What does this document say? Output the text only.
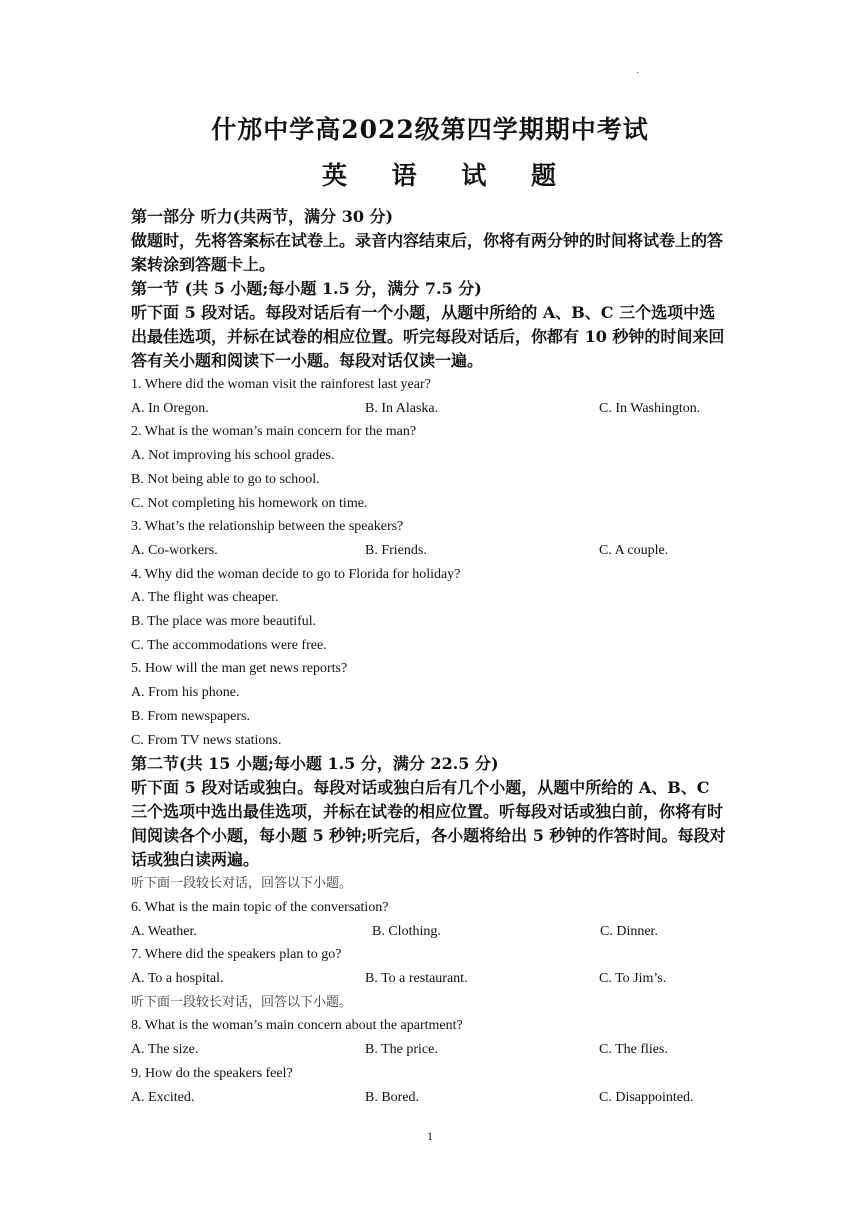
·
什邡中学高2022级第四学期期中考试
英 语 试 题

第一部分 听力(共两节，满分 30 分)

做题时，先将答案标在试卷上。录音内容结束后，你将有两分钟的时间将试卷上的答案转涂到答题卡上。

第一节 (共 5 小题;每小题 1.5 分，满分 7.5 分)

听下面 5 段对话。每段对话后有一个小题，从题中所给的 A、B、C 三个选项中选出最佳选项，并标在试卷的相应位置。听完每段对话后，你都有 10 秒钟的时间来回答有关小题和阅读下一小题。每段对话仅读一遍。

1. Where did the woman visit the rainforest last year?

A. In Oregon.	B. In Alaska.	C. In Washington.

2. What is the woman’s main concern for the man?

A. Not improving his school grades.

B. Not being able to go to school.

C. Not completing his homework on time.

3. What’s the relationship between the speakers?

A. Co-workers.	B. Friends.	C. A couple.

4. Why did the woman decide to go to Florida for holiday?

A. The flight was cheaper.

B. The place was more beautiful.

C. The accommodations were free.

5. How will the man get news reports?

A. From his phone.

B. From newspapers.

C. From TV news stations.

第二节(共 15 小题;每小题 1.5 分，满分 22.5 分)

听下面 5 段对话或独白。每段对话或独白后有几个小题，从题中所给的 A、B、C 三个选项中选出最佳选项，并标在试卷的相应位置。听每段对话或独白前，你将有时间阅读各个小题，每小题 5 秒钟;听完后，各小题将给出 5 秒钟的作答时间。每段对话或独白读两遍。

听下面一段较长对话，回答以下小题。

6. What is the main topic of the conversation?

A. Weather.	B. Clothing.	C. Dinner.

7. Where did the speakers plan to go?

A. To a hospital.	B. To a restaurant.	C. To Jim’s.

听下面一段较长对话，回答以下小题。

8. What is the woman’s main concern about the apartment?

A. The size.	B. The price.	C. The flies.

9. How do the speakers feel?

A. Excited.	B. Bored.	C. Disappointed.
1
